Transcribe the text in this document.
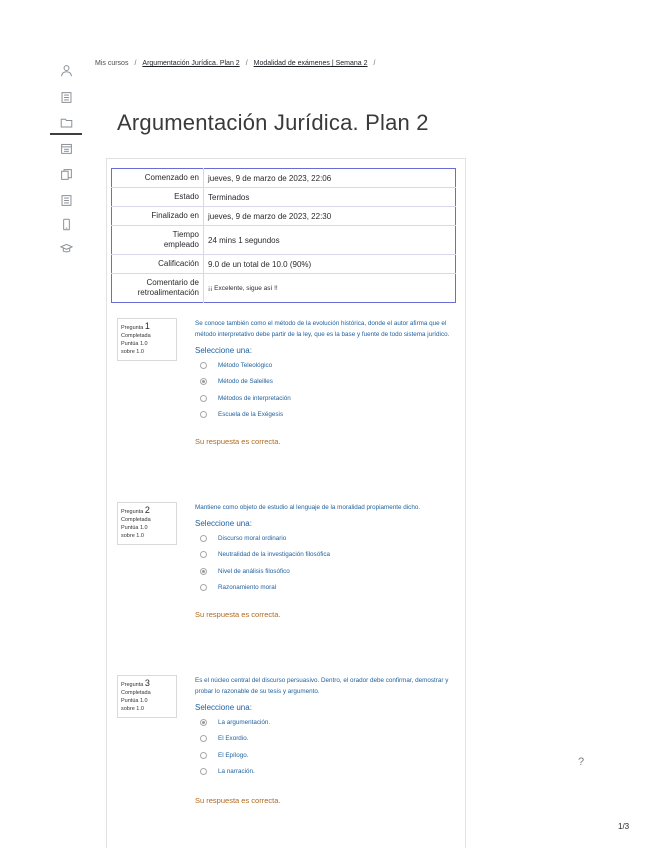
Mis cursos / Argumentación Jurídica. Plan 2 / Modalidad de exámenes | Semana 2 /
Argumentación Jurídica. Plan 2
Comenzado en	jueves, 9 de marzo de 2023, 22:06
Estado	Terminados
Finalizado en	jueves, 9 de marzo de 2023, 22:30
Tiempo
empleado	24 mins 1 segundos
Calificación	9.0 de un total de 10.0 (90%)
Comentario de
retroalimentación	¡¡ Excelente, sigue así !!
Pregunta 1
Completada
Puntúa 1.0
sobre 1.0
Se conoce también como el método de la evolución histórica, donde el autor afirma que el método interpretativo debe partir de la ley, que es la base y fuente de todo sistema jurídico.
Seleccione una:
Método Teleológico
Método de Saleilles
Métodos de interpretación
Escuela de la Exégesis
Su respuesta es correcta.
Pregunta 2
Completada
Puntúa 1.0
sobre 1.0
Mantiene como objeto de estudio al lenguaje de la moralidad propiamente dicho.
Seleccione una:
Discurso moral ordinario
Neutralidad de la investigación filosófica
Nivel de análisis filosófico
Razonamiento moral
Su respuesta es correcta.
Pregunta 3
Completada
Puntúa 1.0
sobre 1.0
Es el núcleo central del discurso persuasivo. Dentro, el orador debe confirmar, demostrar y probar lo razonable de su tesis y argumento.
Seleccione una:
La argumentación.
El Exordio.
El Epílogo.
La narración.
Su respuesta es correcta.
?
1/3
